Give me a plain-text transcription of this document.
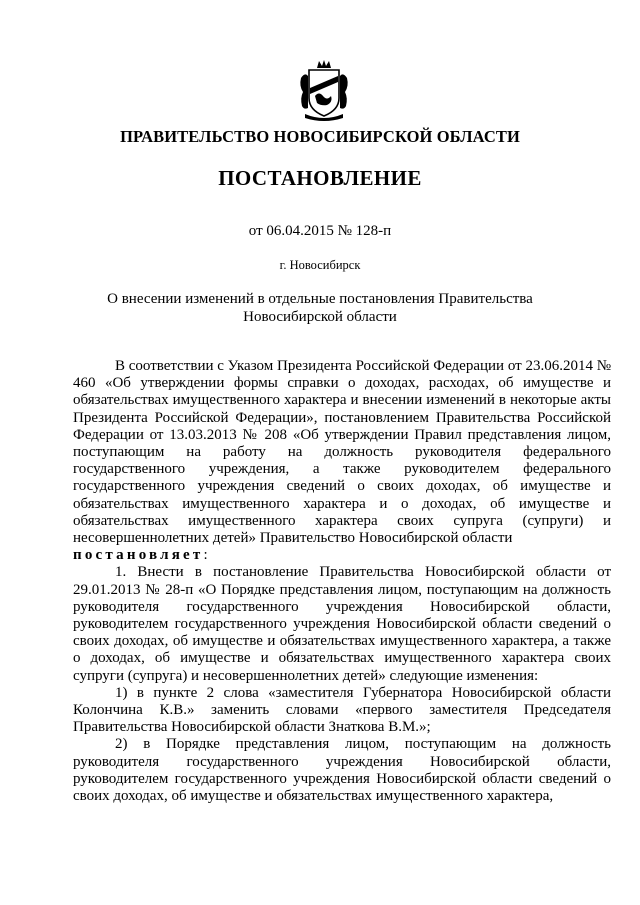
ПРАВИТЕЛЬСТВО НОВОСИБИРСКОЙ ОБЛАСТИ
ПОСТАНОВЛЕНИЕ
от 06.04.2015 № 128-п
г. Новосибирск
О внесении изменений в отдельные постановления Правительства
Новосибирской области

В соответствии с Указом Президента Российской Федерации от 23.06.2014 № 460 «Об утверждении формы справки о доходах, расходах, об имуществе и обязательствах имущественного характера и внесении изменений в некоторые акты Президента Российской Федерации», постановлением Правительства Российской Федерации от 13.03.2013 № 208 «Об утверждении Правил представления лицом, поступающим на работу на должность руководителя федерального государственного учреждения, а также руководителем федерального государственного учреждения сведений о своих доходах, об имуществе и обязательствах имущественного характера и о доходах, об имуществе и обязательствах имущественного характера своих супруга (супруги) и несовершеннолетних детей» Правительство Новосибирской области

постановляет:

1. Внести в постановление Правительства Новосибирской области от 29.01.2013 № 28-п «О Порядке представления лицом, поступающим на должность руководителя государственного учреждения Новосибирской области, руководителем государственного учреждения Новосибирской области сведений о своих доходах, об имуществе и обязательствах имущественного характера, а также о доходах, об имуществе и обязательствах имущественного характера своих супруги (супруга) и несовершеннолетних детей» следующие изменения:

1) в пункте 2 слова «заместителя Губернатора Новосибирской области Колончина К.В.» заменить словами «первого заместителя Председателя Правительства Новосибирской области Знаткова В.М.»;

2) в Порядке представления лицом, поступающим на должность руководителя государственного учреждения Новосибирской области, руководителем государственного учреждения Новосибирской области сведений о своих доходах, об имуществе и обязательствах имущественного характера,
